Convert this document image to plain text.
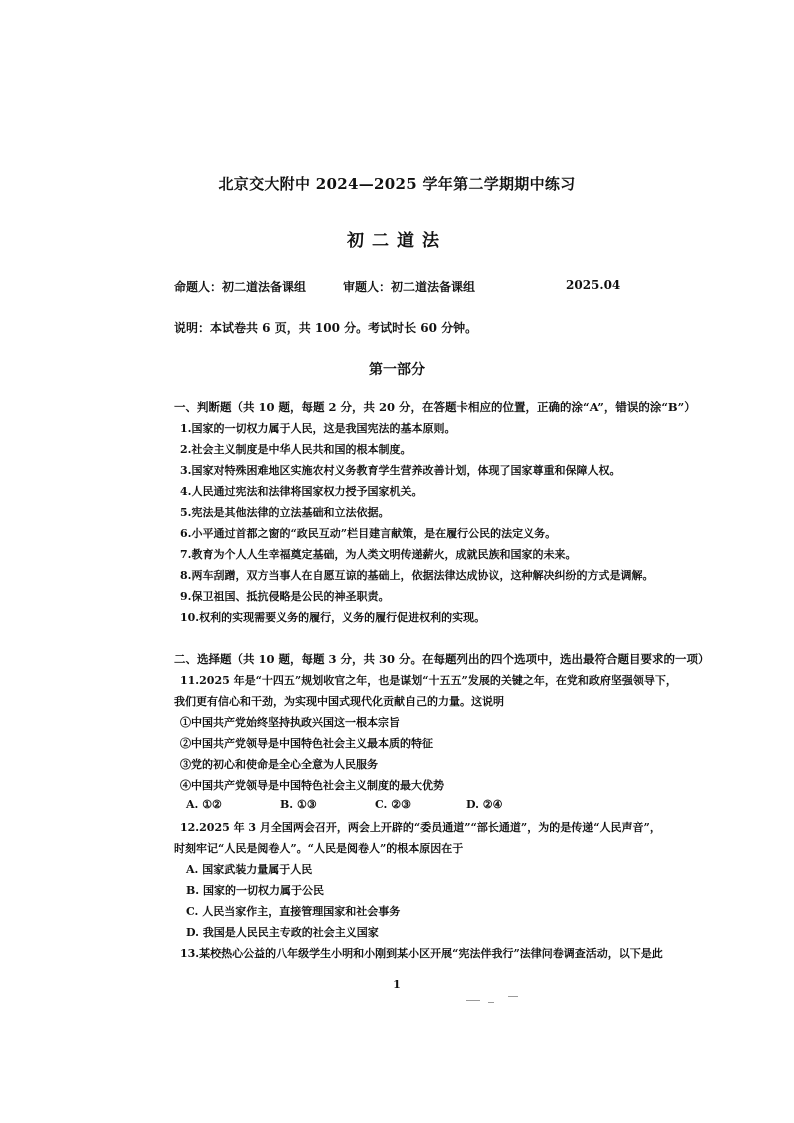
北京交大附中 2024—2025 学年第二学期期中练习
初二道法
命题人：初二道法备课组	审题人：初二道法备课组	2025.04
说明：本试卷共 6 页，共 100 分。考试时长 60 分钟。
第一部分
一、判断题（共 10 题，每题 2 分，共 20 分，在答题卡相应的位置，正确的涂“A”，错误的涂“B”）
1.国家的一切权力属于人民，这是我国宪法的基本原则。
2.社会主义制度是中华人民共和国的根本制度。
3.国家对特殊困难地区实施农村义务教育学生营养改善计划，体现了国家尊重和保障人权。
4.人民通过宪法和法律将国家权力授予国家机关。
5.宪法是其他法律的立法基础和立法依据。
6.小平通过首都之窗的“政民互动”栏目建言献策，是在履行公民的法定义务。
7.教育为个人人生幸福奠定基础，为人类文明传递薪火，成就民族和国家的未来。
8.两车刮蹭，双方当事人在自愿互谅的基础上，依据法律达成协议，这种解决纠纷的方式是调解。
9.保卫祖国、抵抗侵略是公民的神圣职责。
10.权利的实现需要义务的履行，义务的履行促进权利的实现。
二、选择题（共 10 题，每题 3 分，共 30 分。在每题列出的四个选项中，选出最符合题目要求的一项）
11.2025 年是“十四五”规划收官之年，也是谋划“十五五”发展的关键之年，在党和政府坚强领导下，
我们更有信心和干劲，为实现中国式现代化贡献自己的力量。这说明
①中国共产党始终坚持执政兴国这一根本宗旨
②中国共产党领导是中国特色社会主义最本质的特征
③党的初心和使命是全心全意为人民服务
④中国共产党领导是中国特色社会主义制度的最大优势
A. ①②	B. ①③	C. ②③	D. ②④
12.2025 年 3 月全国两会召开，两会上开辟的“委员通道”“部长通道”，为的是传递“人民声音”，
时刻牢记“人民是阅卷人”。“人民是阅卷人”的根本原因在于
A. 国家武装力量属于人民
B. 国家的一切权力属于公民
C. 人民当家作主，直接管理国家和社会事务
D. 我国是人民民主专政的社会主义国家
13.某校热心公益的八年级学生小明和小刚到某小区开展“宪法伴我行”法律问卷调查活动，以下是此
1
